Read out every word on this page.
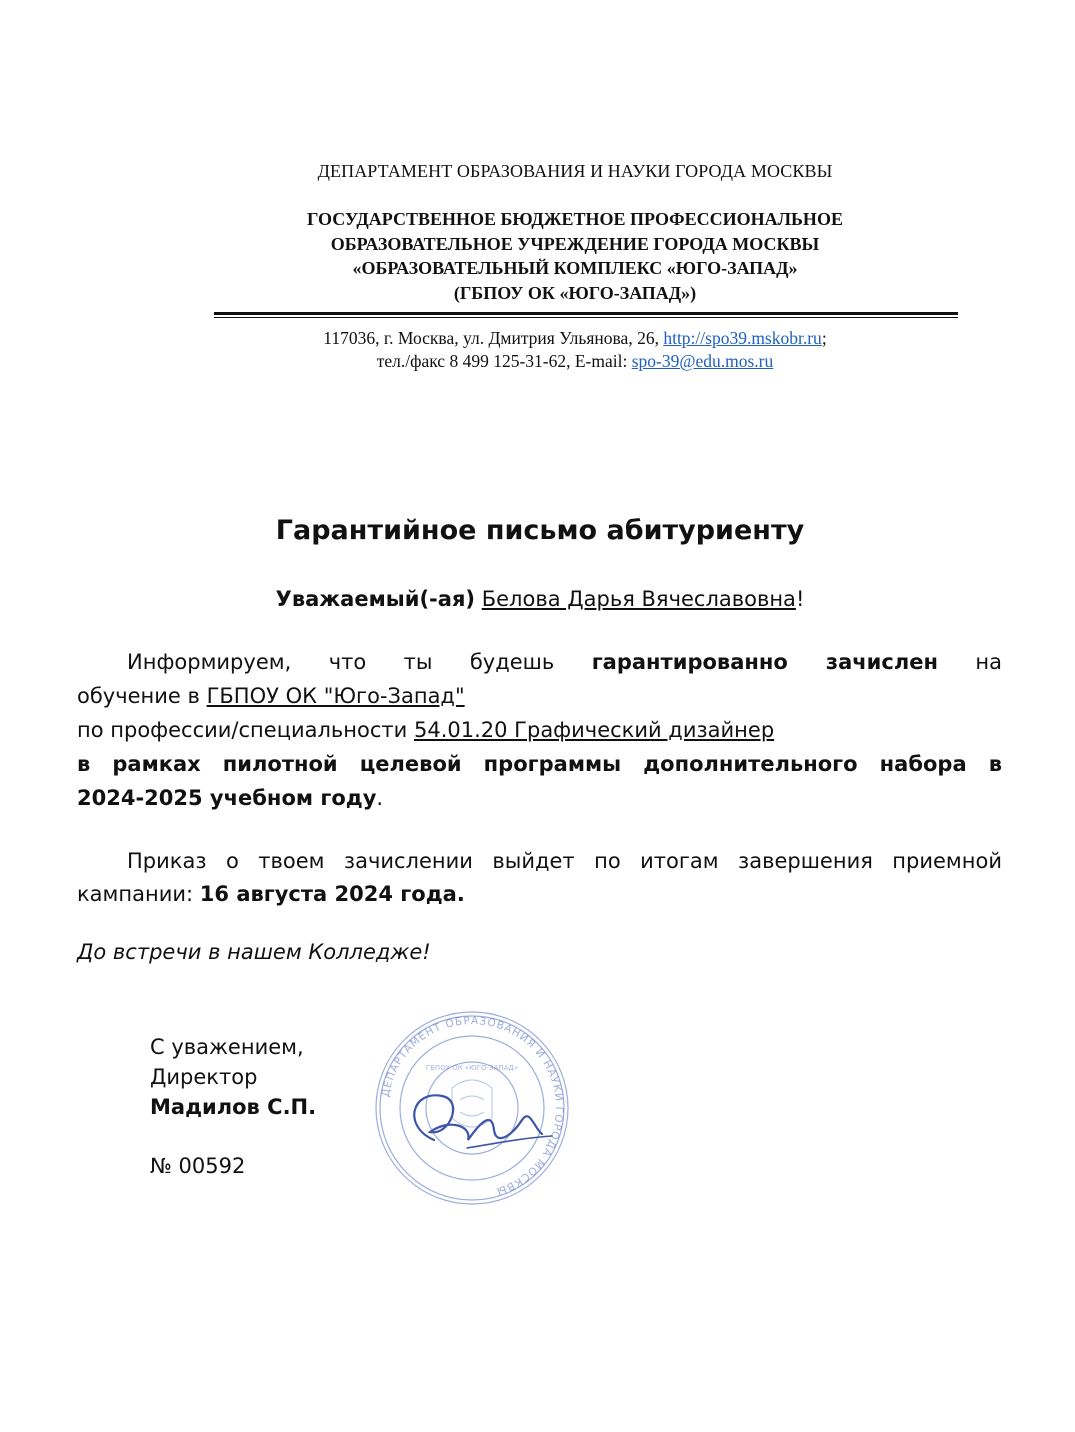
ДЕПАРТАМЕНТ ОБРАЗОВАНИЯ И НАУКИ ГОРОДА МОСКВЫ
ГОСУДАРСТВЕННОЕ БЮДЖЕТНОЕ ПРОФЕССИОНАЛЬНОЕ
ОБРАЗОВАТЕЛЬНОЕ УЧРЕЖДЕНИЕ ГОРОДА МОСКВЫ
«ОБРАЗОВАТЕЛЬНЫЙ КОМПЛЕКС «ЮГО-ЗАПАД»
(ГБПОУ ОК «ЮГО-ЗАПАД»)
117036, г. Москва, ул. Дмитрия Ульянова, 26, http://spo39.mskobr.ru;
тел./факс 8 499 125-31-62, E-mail: spo-39@edu.mos.ru
Гарантийное письмо абитуриенту
Уважаемый(-ая) Белова Дарья Вячеславовна!
Информируем, что ты будешь гарантированно зачислен на
обучение в ГБПОУ ОК "Юго-Запад"
по профессии/специальности 54.01.20 Графический дизайнер
в рамках пилотной целевой программы дополнительного набора в
2024-2025 учебном году.
Приказ о твоем зачислении выйдет по итогам завершения приемной
кампании: 16 августа 2024 года.
До встречи в нашем Колледже!
С уважением,
Директор
Мадилов С.П.
№ 00592
ДЕПАРТАМЕНТ ОБРАЗОВАНИЯ И НАУКИ ГОРОДА МОСКВЫ
ГБПОУ ОК «ЮГО-ЗАПАД»
